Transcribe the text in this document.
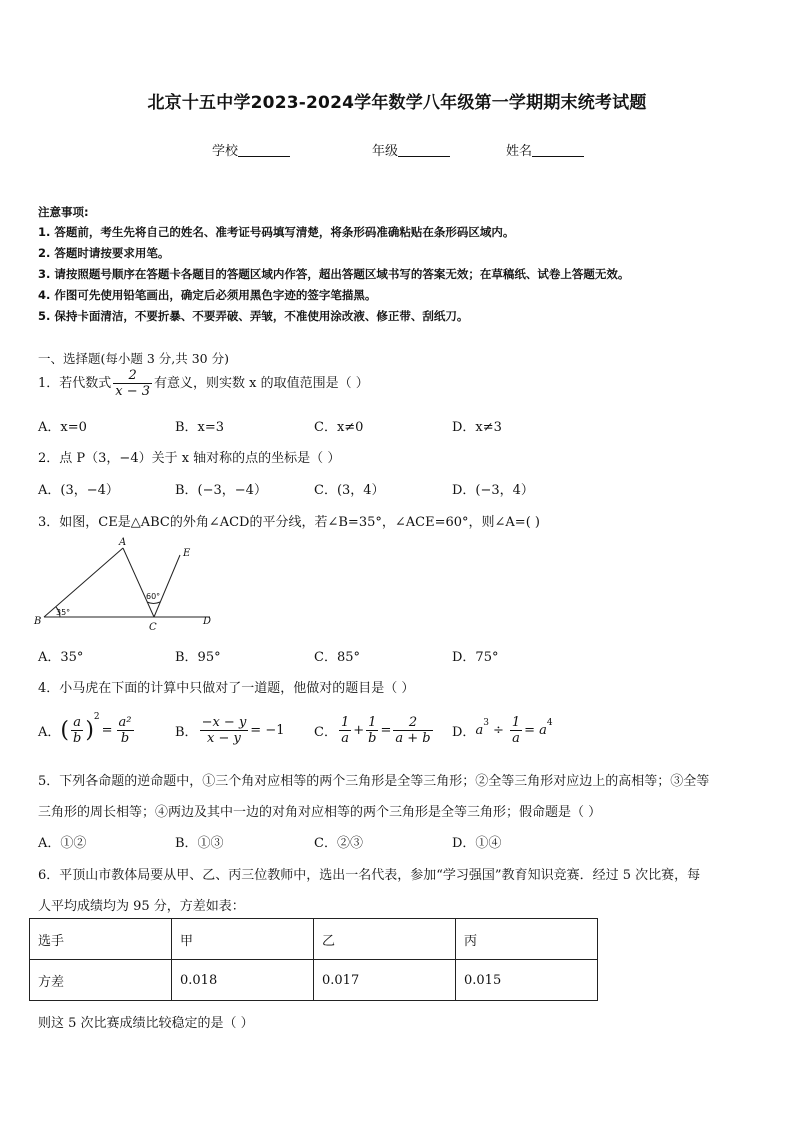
北京十五中学2023-2024学年数学八年级第一学期期末统考试题
学校	年级	姓名
注意事项:
1. 答题前，考生先将自己的姓名、准考证号码填写清楚，将条形码准确粘贴在条形码区域内。
2. 答题时请按要求用笔。
3. 请按照题号顺序在答题卡各题目的答题区域内作答，超出答题区域书写的答案无效；在草稿纸、试卷上答题无效。
4. 作图可先使用铅笔画出，确定后必须用黑色字迹的签字笔描黑。
5. 保持卡面清洁，不要折暴、不要弄破、弄皱，不准使用涂改液、修正带、刮纸刀。
一、选择题(每小题 3 分,共 30 分)
1．若代数式 $\frac{2}{x - 3}$ 有意义，则实数 x 的取值范围是（ ）
A．x=0	B．x=3	C．x≠0	D．x≠3
2．点 P（3，−4）关于 x 轴对称的点的坐标是（ ）
A．(3，−4）	B．(−3，−4）	C．(3，4）	D．(−3，4）
3．如图，CE是△ABC的外角∠ACD的平分线，若∠B=35°，∠ACE=60°，则∠A=( )
A
B
C
D
E
35°
60°
A．35°	B．95°	C．85°	D．75°
4．小马虎在下面的计算中只做对了一道题，他做对的题目是（ ）
A． ( $\frac{a}{b}$ )
$^2$
= $\frac{\text{a²}}{b}$	B． $\frac{-x - y}{x - y} = -1$ C． $\frac{1}{a} + \frac{1}{b} = \frac{2}{a + b}$ D． $a^3 \div \frac{1}{a} = a^4$
5．下列各命题的逆命题中，①三个角对应相等的两个三角形是全等三角形；②全等三角形对应边上的高相等；③全等
三角形的周长相等；④两边及其中一边的对角对应相等的两个三角形是全等三角形；假命题是（ ）
A．①②	B．①③	C．②③	D．①④
6．平顶山市教体局要从甲、乙、丙三位教师中，选出一名代表，参加“学习强国”教育知识竞赛．经过 5 次比赛，每
人平均成绩均为 95 分，方差如表：
选手	甲	乙	丙
方差	0.018	0.017	0.015
则这 5 次比赛成绩比较稳定的是（ ）
